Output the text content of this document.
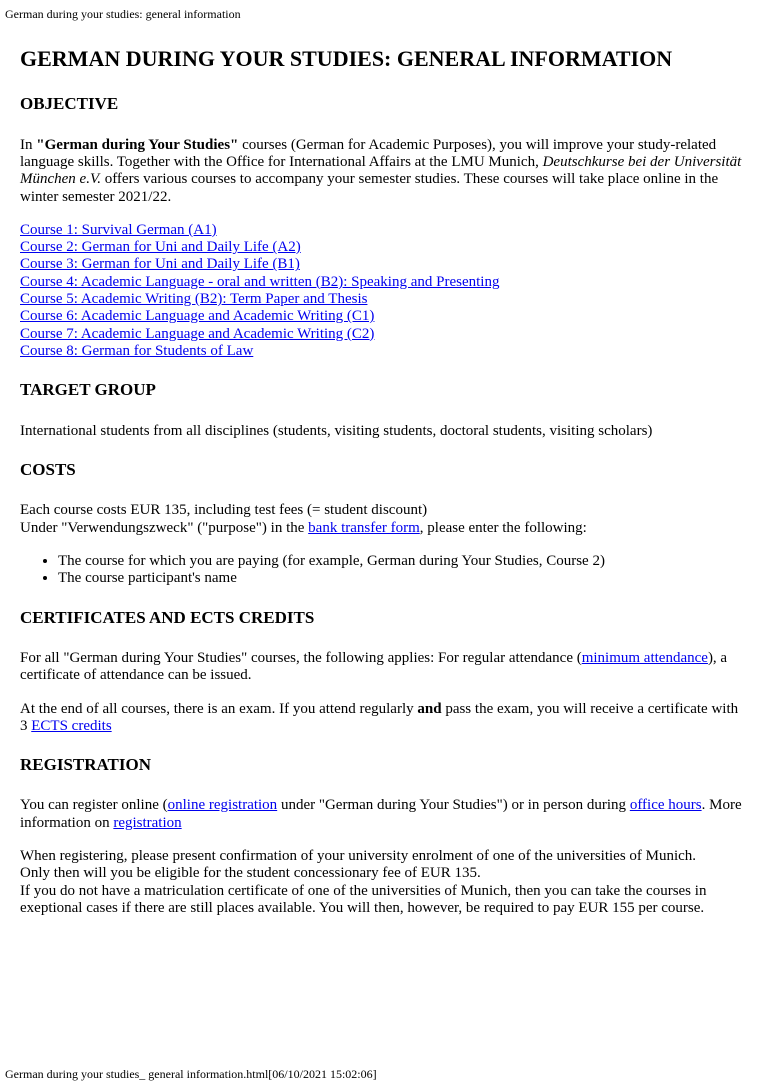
German during your studies: general information
GERMAN DURING YOUR STUDIES: GENERAL INFORMATION
OBJECTIVE

In "German during Your Studies" courses (German for Academic Purposes), you will improve your study-related language skills. Together with the Office for International Affairs at the LMU Munich, Deutschkurse bei der Universität München e.V. offers various courses to accompany your semester studies. These courses will take place online in the winter semester 2021/22.

Course 1: Survival German (A1)
Course 2: German for Uni and Daily Life (A2)
Course 3: German for Uni and Daily Life (B1)
Course 4: Academic Language - oral and written (B2): Speaking and Presenting
Course 5: Academic Writing (B2): Term Paper and Thesis
Course 6: Academic Language and Academic Writing (C1)
Course 7: Academic Language and Academic Writing (C2)
Course 8: German for Students of Law

TARGET GROUP

International students from all disciplines (students, visiting students, doctoral students, visiting scholars)

COSTS

Each course costs EUR 135, including test fees (= student discount)
Under "Verwendungszweck" ("purpose") in the bank transfer form, please enter the following:

• The course for which you are paying (for example, German during Your Studies, Course 2)
• The course participant's name
CERTIFICATES AND ECTS CREDITS

For all "German during Your Studies" courses, the following applies: For regular attendance (minimum attendance), a certificate of attendance can be issued.

At the end of all courses, there is an exam. If you attend regularly and pass the exam, you will receive a certificate with 3 ECTS credits

REGISTRATION

You can register online (online registration under "German during Your Studies") or in person during office hours. More information on registration

When registering, please present confirmation of your university enrolment of one of the universities of Munich.
Only then will you be eligible for the student concessionary fee of EUR 135.
If you do not have a matriculation certificate of one of the universities of Munich, then you can take the courses in exeptional cases if there are still places available. You will then, however, be required to pay EUR 155 per course.

German during your studies_ general information.html[06/10/2021 15:02:06]
